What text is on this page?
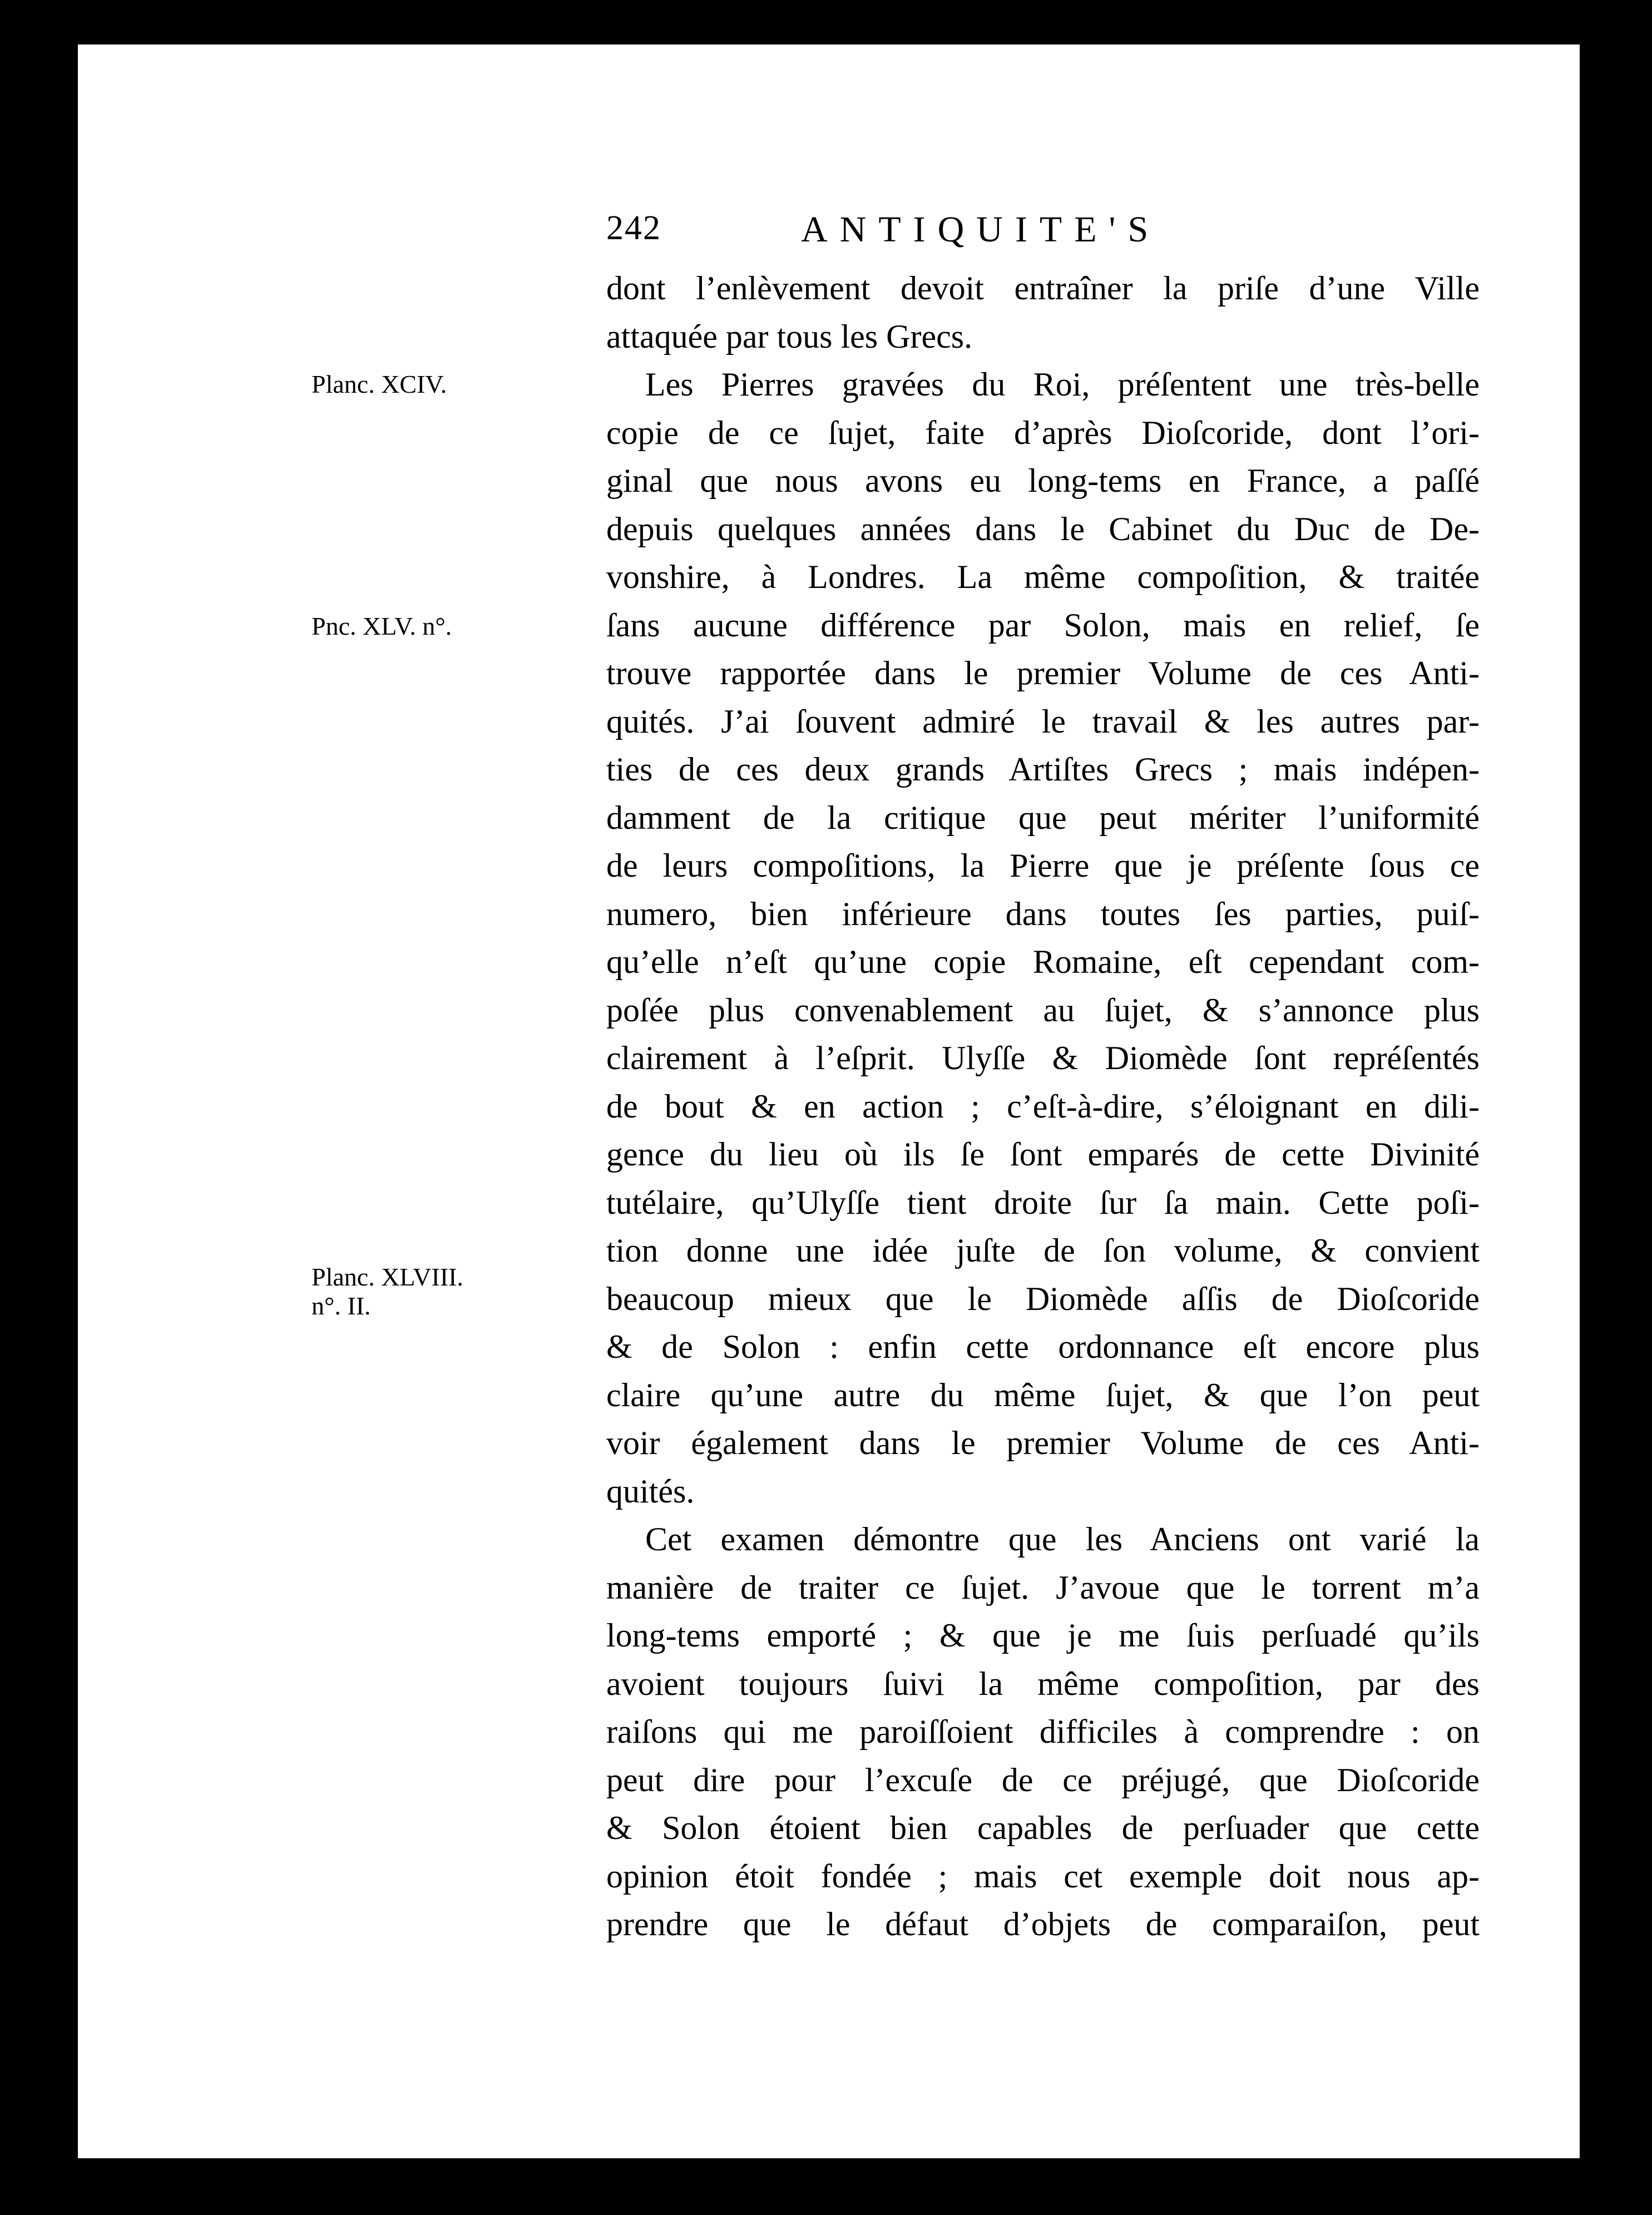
242	ANTIQUITE'S
Planc. XCIV.
Pnc. XLV. n°.
Planc. XLVIII.
n°. II.
dont l’enlèvement devoit entraîner la priſe d’une Ville
attaquée par tous les Grecs.
Les Pierres gravées du Roi, préſentent une très-belle
copie de ce ſujet, faite d’après Dioſcoride, dont l’ori-
ginal que nous avons eu long-tems en France, a paſſé
depuis quelques années dans le Cabinet du Duc de De-
vonshire, à Londres. La même compoſition, & traitée
ſans aucune différence par Solon, mais en relief, ſe
trouve rapportée dans le premier Volume de ces Anti-
quités. J’ai ſouvent admiré le travail & les autres par-
ties de ces deux grands Artiſtes Grecs ; mais indépen-
damment de la critique que peut mériter l’uniformité
de leurs compoſitions, la Pierre que je préſente ſous ce
numero, bien inférieure dans toutes ſes parties, puiſ-
qu’elle n’eſt qu’une copie Romaine, eſt cependant com-
poſée plus convenablement au ſujet, & s’annonce plus
clairement à l’eſprit. Ulyſſe & Diomède ſont repréſentés
de bout & en action ; c’eſt-à-dire, s’éloignant en dili-
gence du lieu où ils ſe ſont emparés de cette Divinité
tutélaire, qu’Ulyſſe tient droite ſur ſa main. Cette poſi-
tion donne une idée juſte de ſon volume, & convient
beaucoup mieux que le Diomède aſſis de Dioſcoride
& de Solon : enfin cette ordonnance eſt encore plus
claire qu’une autre du même ſujet, & que l’on peut
voir également dans le premier Volume de ces Anti-
quités.
Cet examen démontre que les Anciens ont varié la
manière de traiter ce ſujet. J’avoue que le torrent m’a
long-tems emporté ; & que je me ſuis perſuadé qu’ils
avoient toujours ſuivi la même compoſition, par des
raiſons qui me paroiſſoient difficiles à comprendre : on
peut dire pour l’excuſe de ce préjugé, que Dioſcoride
& Solon étoient bien capables de perſuader que cette
opinion étoit fondée ; mais cet exemple doit nous ap-
prendre que le défaut d’objets de comparaiſon, peut
